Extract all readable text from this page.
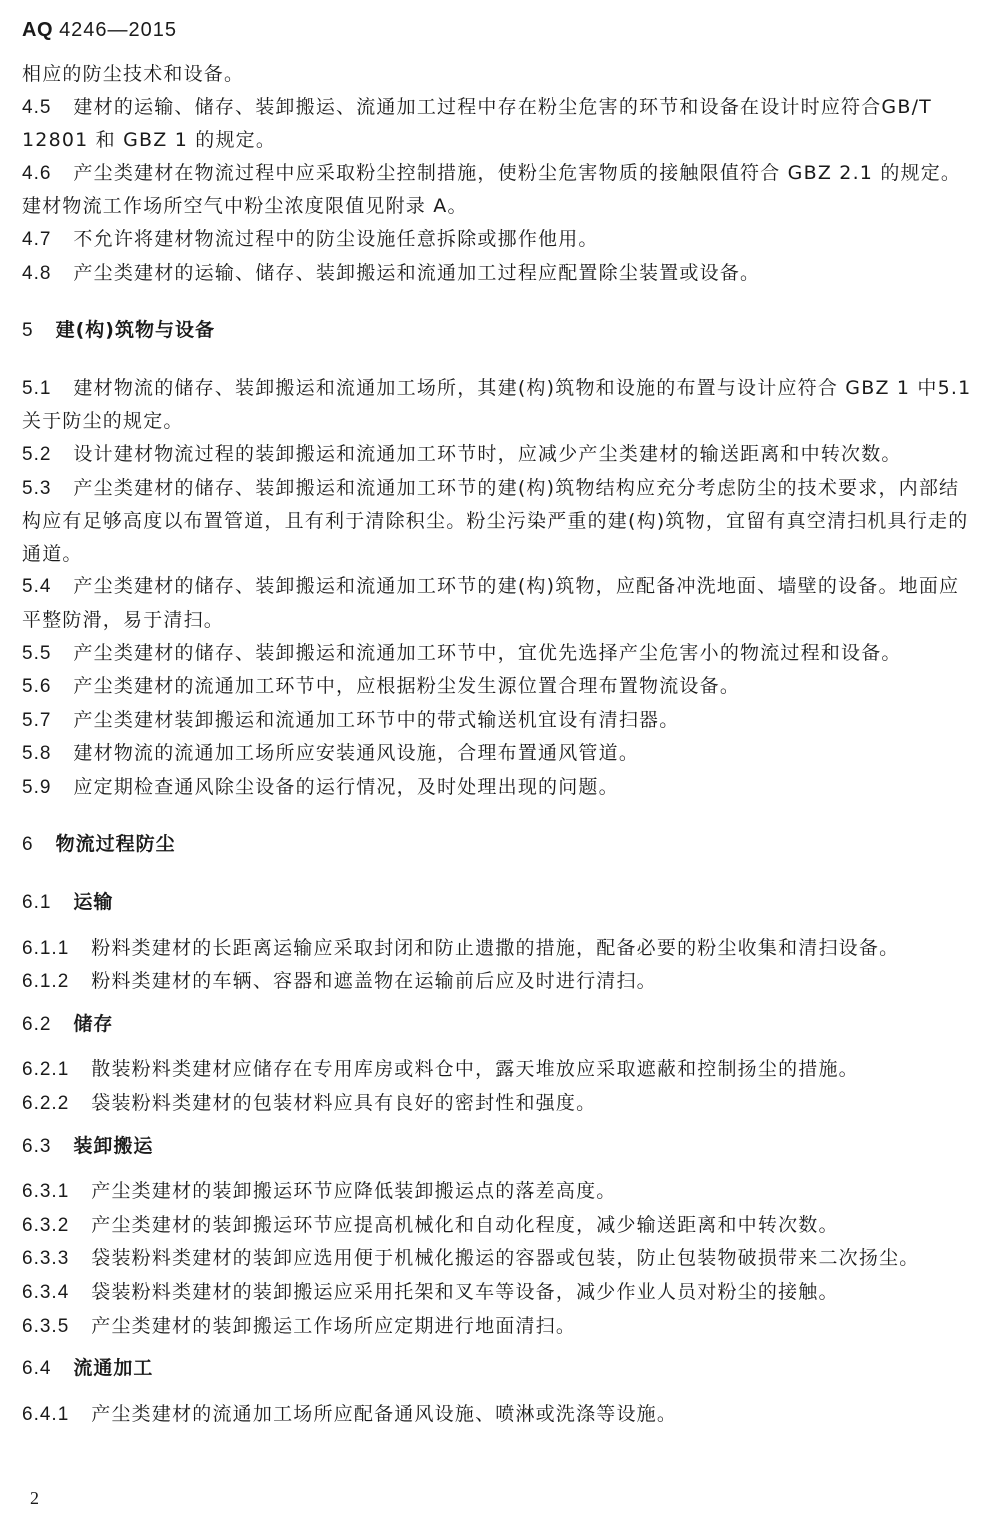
AQ 4246—2015

相应的防尘技术和设备。

4.5 建材的运输、储存、装卸搬运、流通加工过程中存在粉尘危害的环节和设备在设计时应符合GB/T 12801 和 GBZ 1 的规定。

4.6 产尘类建材在物流过程中应采取粉尘控制措施，使粉尘危害物质的接触限值符合 GBZ 2.1 的规定。建材物流工作场所空气中粉尘浓度限值见附录 A。

4.7 不允许将建材物流过程中的防尘设施任意拆除或挪作他用。

4.8 产尘类建材的运输、储存、装卸搬运和流通加工过程应配置除尘装置或设备。

5 建(构)筑物与设备

5.1 建材物流的储存、装卸搬运和流通加工场所，其建(构)筑物和设施的布置与设计应符合 GBZ 1 中5.1 关于防尘的规定。

5.2 设计建材物流过程的装卸搬运和流通加工环节时，应减少产尘类建材的输送距离和中转次数。

5.3 产尘类建材的储存、装卸搬运和流通加工环节的建(构)筑物结构应充分考虑防尘的技术要求，内部结构应有足够高度以布置管道，且有利于清除积尘。粉尘污染严重的建(构)筑物，宜留有真空清扫机具行走的通道。

5.4 产尘类建材的储存、装卸搬运和流通加工环节的建(构)筑物，应配备冲洗地面、墙壁的设备。地面应平整防滑，易于清扫。

5.5 产尘类建材的储存、装卸搬运和流通加工环节中，宜优先选择产尘危害小的物流过程和设备。

5.6 产尘类建材的流通加工环节中，应根据粉尘发生源位置合理布置物流设备。

5.7 产尘类建材装卸搬运和流通加工环节中的带式输送机宜设有清扫器。

5.8 建材物流的流通加工场所应安装通风设施，合理布置通风管道。

5.9 应定期检查通风除尘设备的运行情况，及时处理出现的问题。

6 物流过程防尘

6.1 运输

6.1.1 粉料类建材的长距离运输应采取封闭和防止遗撒的措施，配备必要的粉尘收集和清扫设备。

6.1.2 粉料类建材的车辆、容器和遮盖物在运输前后应及时进行清扫。

6.2 储存

6.2.1 散装粉料类建材应储存在专用库房或料仓中，露天堆放应采取遮蔽和控制扬尘的措施。

6.2.2 袋装粉料类建材的包装材料应具有良好的密封性和强度。

6.3 装卸搬运

6.3.1 产尘类建材的装卸搬运环节应降低装卸搬运点的落差高度。

6.3.2 产尘类建材的装卸搬运环节应提高机械化和自动化程度，减少输送距离和中转次数。

6.3.3 袋装粉料类建材的装卸应选用便于机械化搬运的容器或包装，防止包装物破损带来二次扬尘。

6.3.4 袋装粉料类建材的装卸搬运应采用托架和叉车等设备，减少作业人员对粉尘的接触。

6.3.5 产尘类建材的装卸搬运工作场所应定期进行地面清扫。

6.4 流通加工

6.4.1 产尘类建材的流通加工场所应配备通风设施、喷淋或洗涤等设施。

2
